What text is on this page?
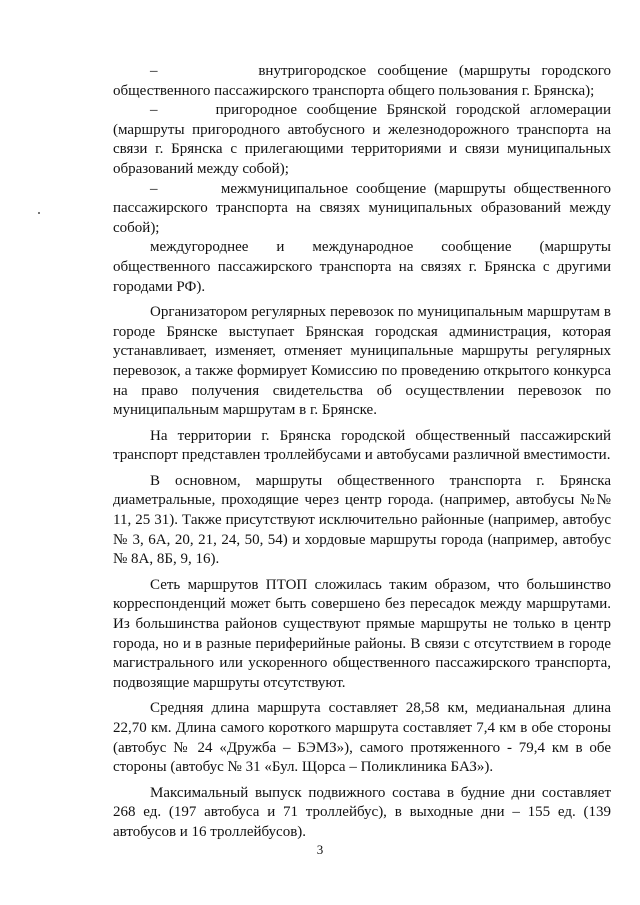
–         внутригородское сообщение (маршруты городского общественного пассажирского транспорта общего пользования г. Брянска);

–      пригородное сообщение Брянской городской агломерации (маршруты пригородного автобусного и железнодорожного транспорта на связи г. Брянска с прилегающими территориями и связи муниципальных образований между собой);

–        межмуниципальное сообщение (маршруты общественного пассажирского транспорта на связях муниципальных образований между собой);

междугороднее и международное сообщение (маршруты общественного пассажирского транспорта на связях г. Брянска с другими городами РФ).

Организатором регулярных перевозок по муниципальным маршрутам в городе Брянске выступает Брянская городская администрация, которая устанавливает, изменяет, отменяет муниципальные маршруты регулярных перевозок, а также формирует Комиссию по проведению открытого конкурса на право получения свидетельства об осуществлении перевозок по муниципальным маршрутам в г. Брянске.

На территории г. Брянска городской общественный пассажирский транспорт представлен троллейбусами и автобусами различной вместимости.

В основном, маршруты общественного транспорта г. Брянска диаметральные, проходящие через центр города. (например, автобусы №№ 11, 25 31). Также присутствуют исключительно районные (например, автобус № 3, 6А, 20, 21, 24, 50, 54) и хордовые маршруты города (например, автобус № 8А, 8Б, 9, 16).

Сеть маршрутов ПТОП сложилась таким образом, что большинство корреспонденций может быть совершено без пересадок между маршрутами. Из большинства районов существуют прямые маршруты не только в центр города, но и в разные периферийные районы. В связи с отсутствием в городе магистрального или ускоренного общественного пассажирского транспорта, подвозящие маршруты отсутствуют.

Средняя длина маршрута составляет 28,58 км, медианальная длина 22,70 км. Длина самого короткого маршрута составляет 7,4 км в обе стороны (автобус № 24 «Дружба – БЭМЗ»), самого протяженного - 79,4 км в обе стороны (автобус № 31 «Бул. Щорса – Поликлиника БАЗ»).

Максимальный выпуск подвижного состава в будние дни составляет 268 ед. (197 автобуса и 71 троллейбус), в выходные дни – 155 ед. (139 автобусов и 16 троллейбусов).

3
